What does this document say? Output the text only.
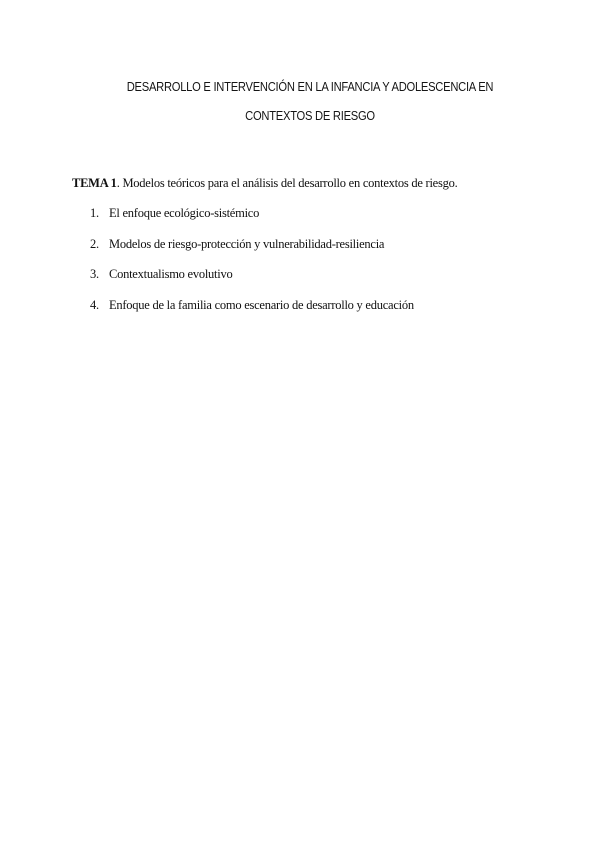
DESARROLLO E INTERVENCIÓN EN LA INFANCIA Y ADOLESCENCIA EN CONTEXTOS DE RIESGO

TEMA 1. Modelos teóricos para el análisis del desarrollo en contextos de riesgo.

1. El enfoque ecológico-sistémico
2. Modelos de riesgo-protección y vulnerabilidad-resiliencia
3. Contextualismo evolutivo
4. Enfoque de la familia como escenario de desarrollo y educación
